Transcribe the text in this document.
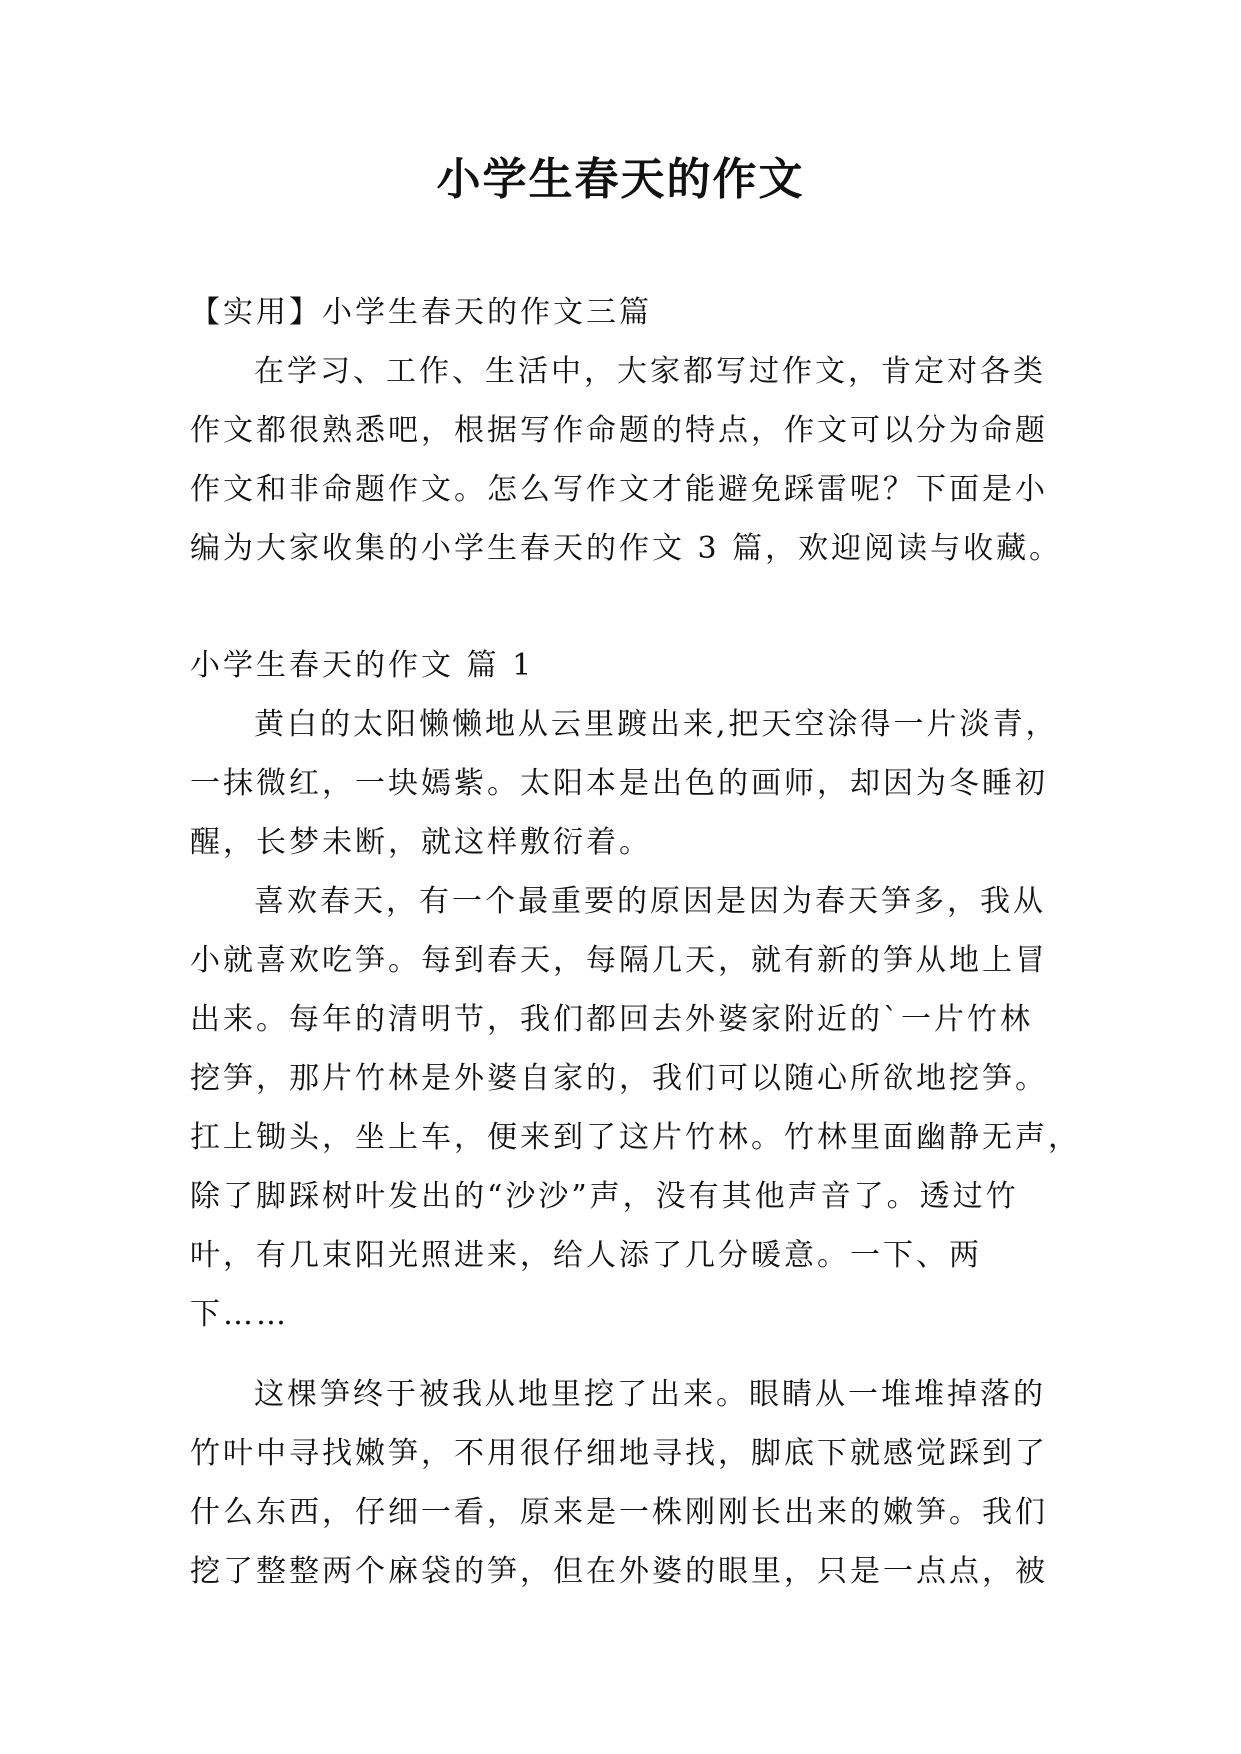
小学生春天的作文

【实用】小学生春天的作文三篇

在学习、工作、生活中，大家都写过作文，肯定对各类

作文都很熟悉吧，根据写作命题的特点，作文可以分为命题

作文和非命题作文。怎么写作文才能避免踩雷呢？下面是小

编为大家收集的小学生春天的作文 3 篇，欢迎阅读与收藏。

小学生春天的作文 篇 1

黄白的太阳懒懒地从云里踱出来,把天空涂得一片淡青，

一抹微红，一块嫣紫。太阳本是出色的画师，却因为冬睡初

醒，长梦未断，就这样敷衍着。

喜欢春天，有一个最重要的原因是因为春天笋多，我从

小就喜欢吃笋。每到春天，每隔几天，就有新的笋从地上冒

出来。每年的清明节，我们都回去外婆家附近的`一片竹林

挖笋，那片竹林是外婆自家的，我们可以随心所欲地挖笋。

扛上锄头，坐上车，便来到了这片竹林。竹林里面幽静无声，

除了脚踩树叶发出的“沙沙”声，没有其他声音了。透过竹

叶，有几束阳光照进来，给人添了几分暖意。一下、两

下……

这棵笋终于被我从地里挖了出来。眼睛从一堆堆掉落的

竹叶中寻找嫩笋，不用很仔细地寻找，脚底下就感觉踩到了

什么东西，仔细一看，原来是一株刚刚长出来的嫩笋。我们

挖了整整两个麻袋的笋，但在外婆的眼里，只是一点点，被
